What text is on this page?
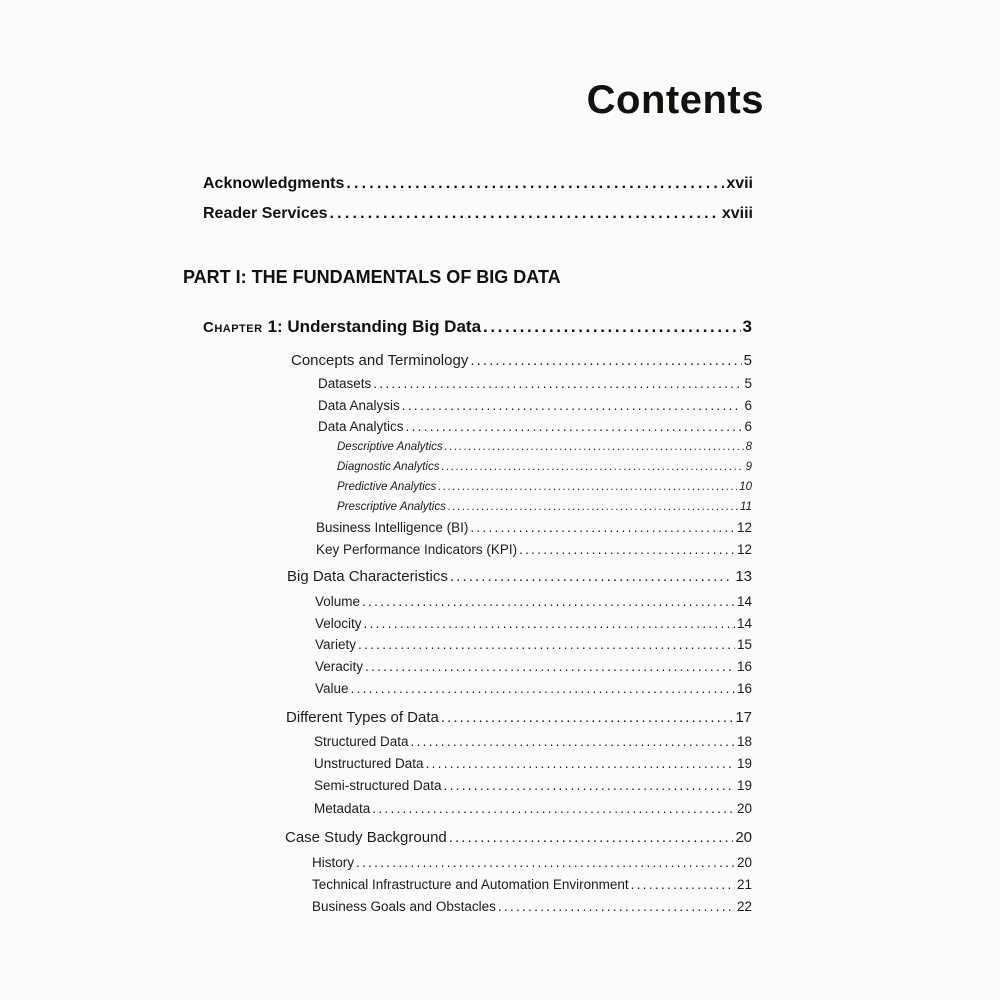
Contents
Acknowledgments .....	xvii
Reader Services .....	xviii
PART I: THE FUNDAMENTALS OF BIG DATA
Chapter 1: Understanding Big Data .....	3
Concepts and Terminology .....	5
Datasets .....	5
Data Analysis .....	6
Data Analytics .....	6
Descriptive Analytics .....	8
Diagnostic Analytics .....	9
Predictive Analytics .....	10
Prescriptive Analytics .....	11
Business Intelligence (BI) .....	12
Key Performance Indicators (KPI) .....	12
Big Data Characteristics .....	13
Volume .....	14
Velocity .....	14
Variety .....	15
Veracity .....	16
Value .....	16
Different Types of Data .....	17
Structured Data .....	18
Unstructured Data .....	19
Semi-structured Data .....	19
Metadata .....	20
Case Study Background .....	20
History .....	20
Technical Infrastructure and Automation Environment .....	21
Business Goals and Obstacles .....	22
